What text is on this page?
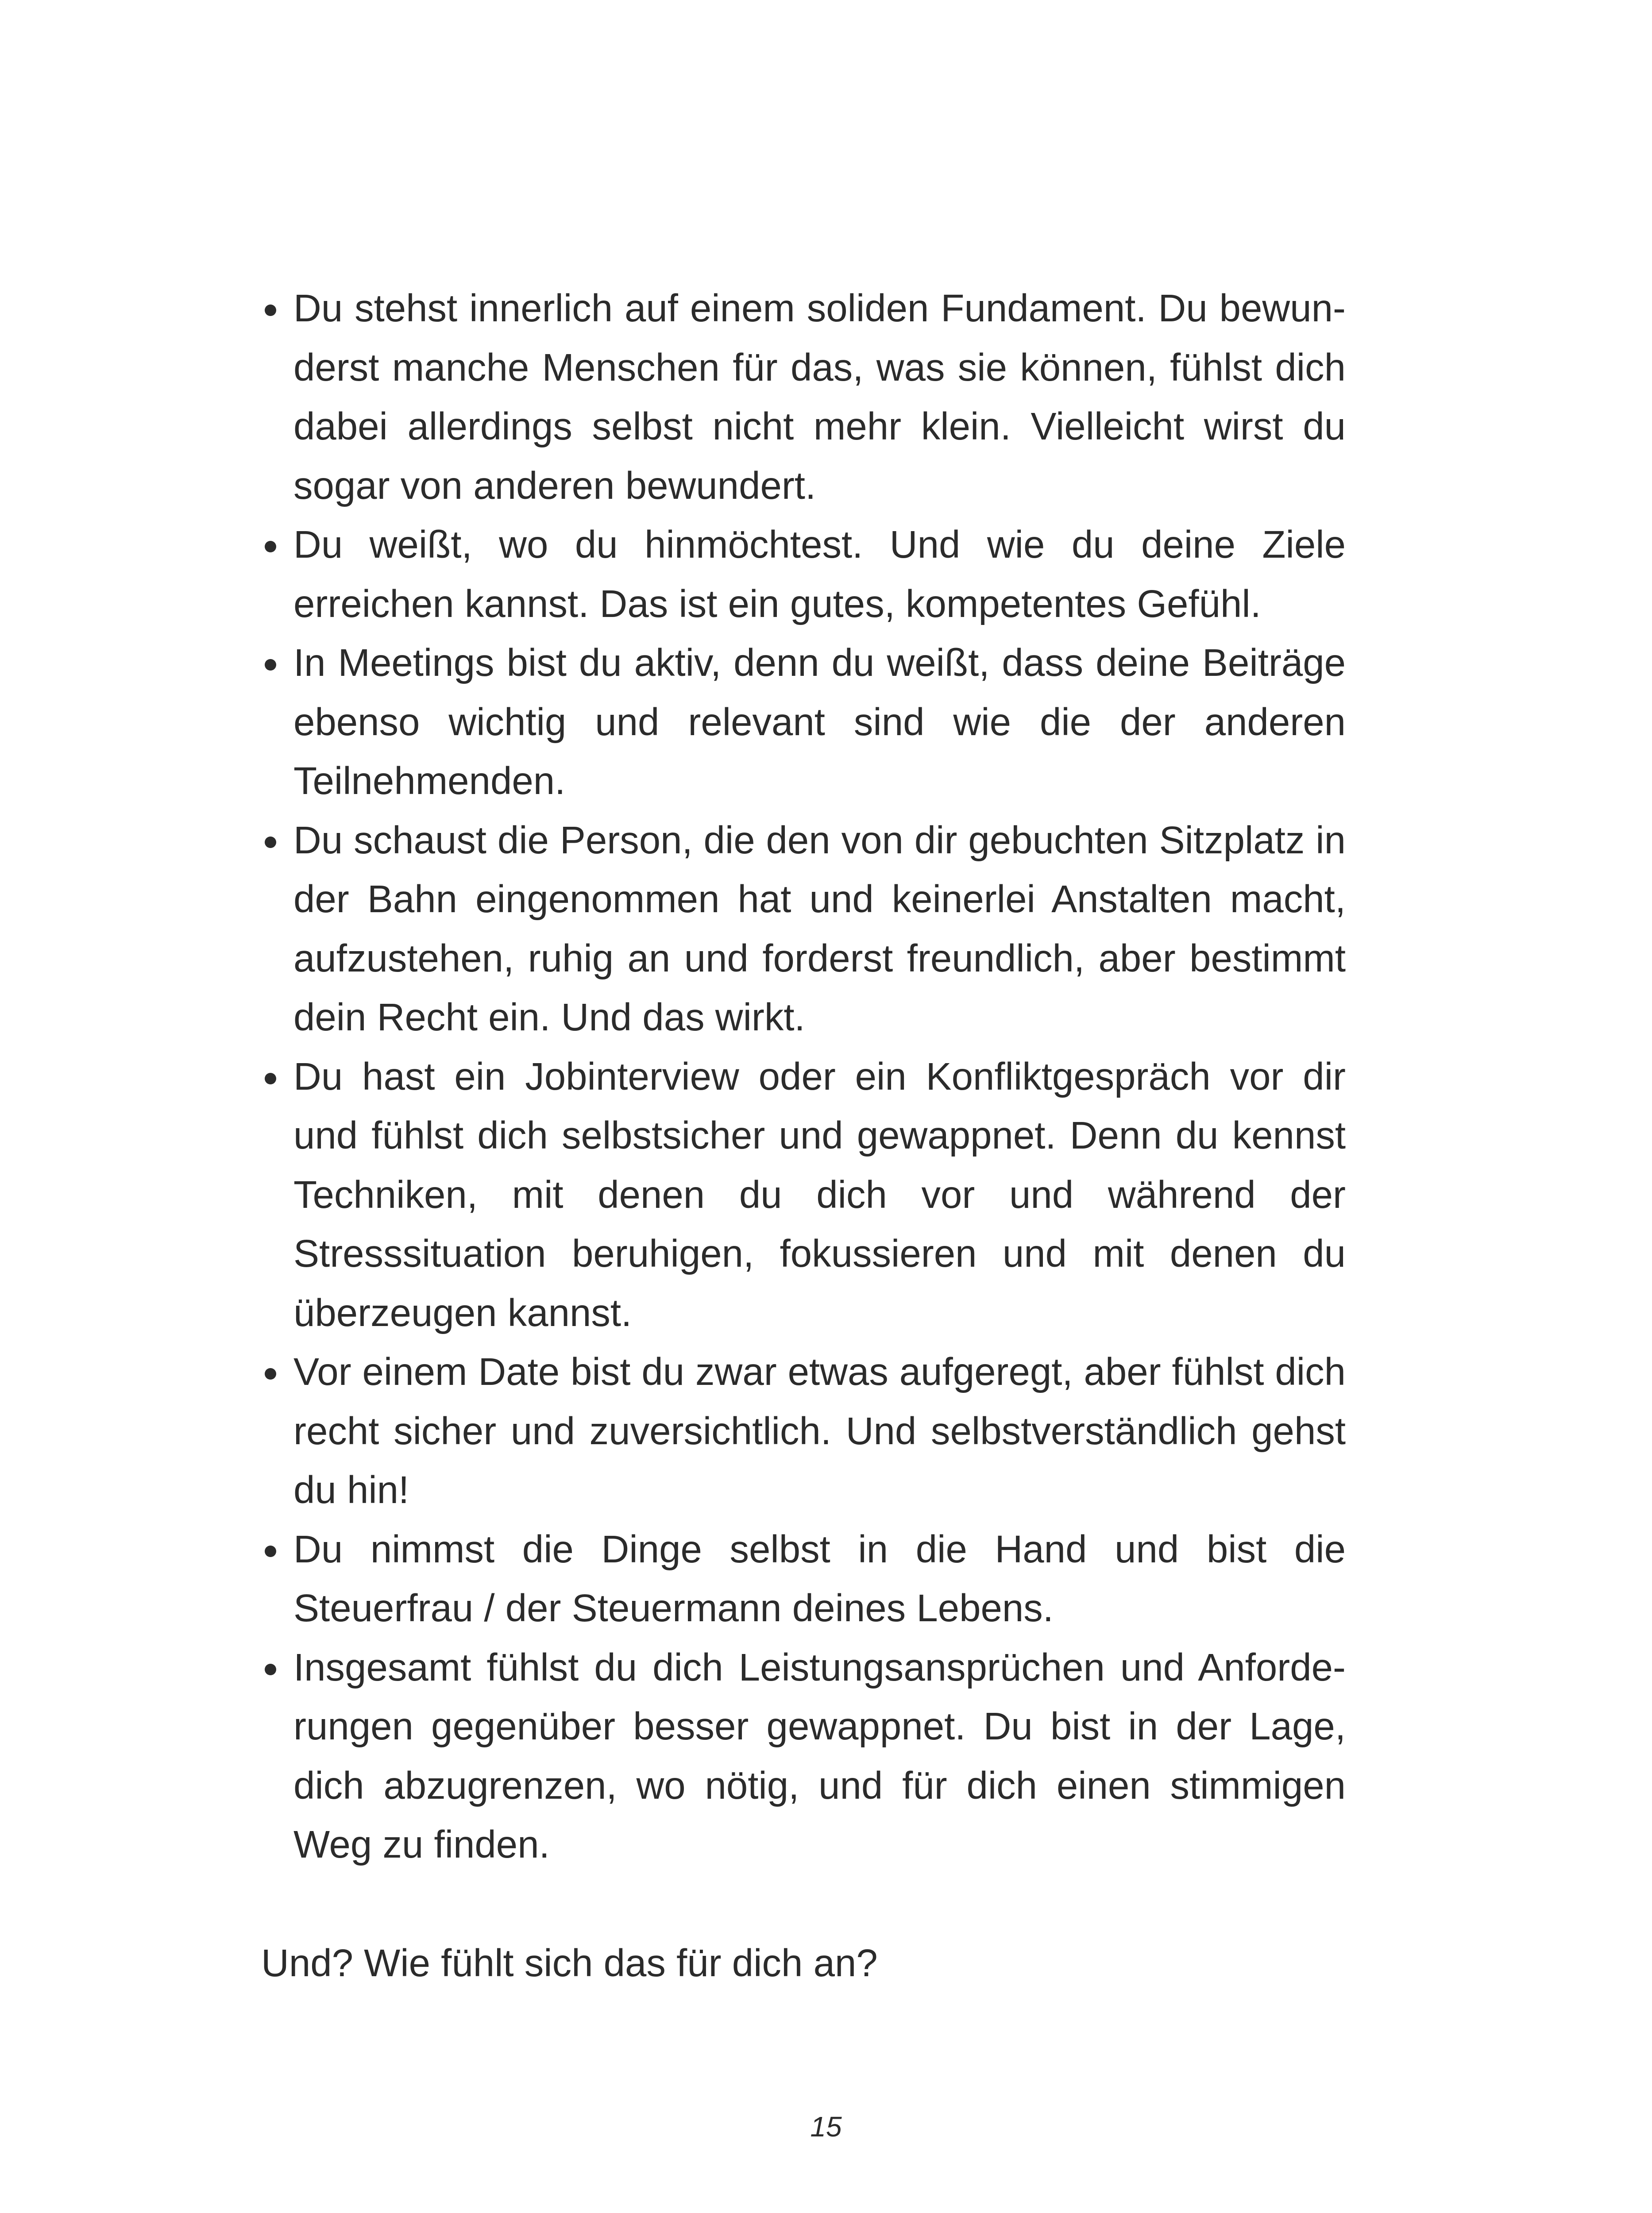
Du stehst innerlich auf einem soliden Fundament. Du bewunderst manche Menschen für das, was sie können, fühlst dich dabei allerdings selbst nicht mehr klein. Vielleicht wirst du sogar von anderen bewundert.
Du weißt, wo du hinmöchtest. Und wie du deine Ziele erreichen kannst. Das ist ein gutes, kompetentes Gefühl.
In Meetings bist du aktiv, denn du weißt, dass deine Beiträge ebenso wichtig und relevant sind wie die der anderen Teilnehmenden.
Du schaust die Person, die den von dir gebuchten Sitzplatz in der Bahn eingenommen hat und keinerlei Anstalten macht, aufzustehen, ruhig an und forderst freundlich, aber bestimmt dein Recht ein. Und das wirkt.
Du hast ein Jobinterview oder ein Konfliktgespräch vor dir und fühlst dich selbstsicher und gewappnet. Denn du kennst Techniken, mit denen du dich vor und während der Stresssituation beruhigen, fokussieren und mit denen du überzeugen kannst.
Vor einem Date bist du zwar etwas aufgeregt, aber fühlst dich recht sicher und zuversichtlich. Und selbstverständlich gehst du hin!
Du nimmst die Dinge selbst in die Hand und bist die Steuerfrau / der Steuermann deines Lebens.
Insgesamt fühlst du dich Leistungsansprüchen und Anforderungen gegenüber besser gewappnet. Du bist in der Lage, dich abzugrenzen, wo nötig, und für dich einen stimmigen Weg zu finden.

Und? Wie fühlt sich das für dich an?

15
